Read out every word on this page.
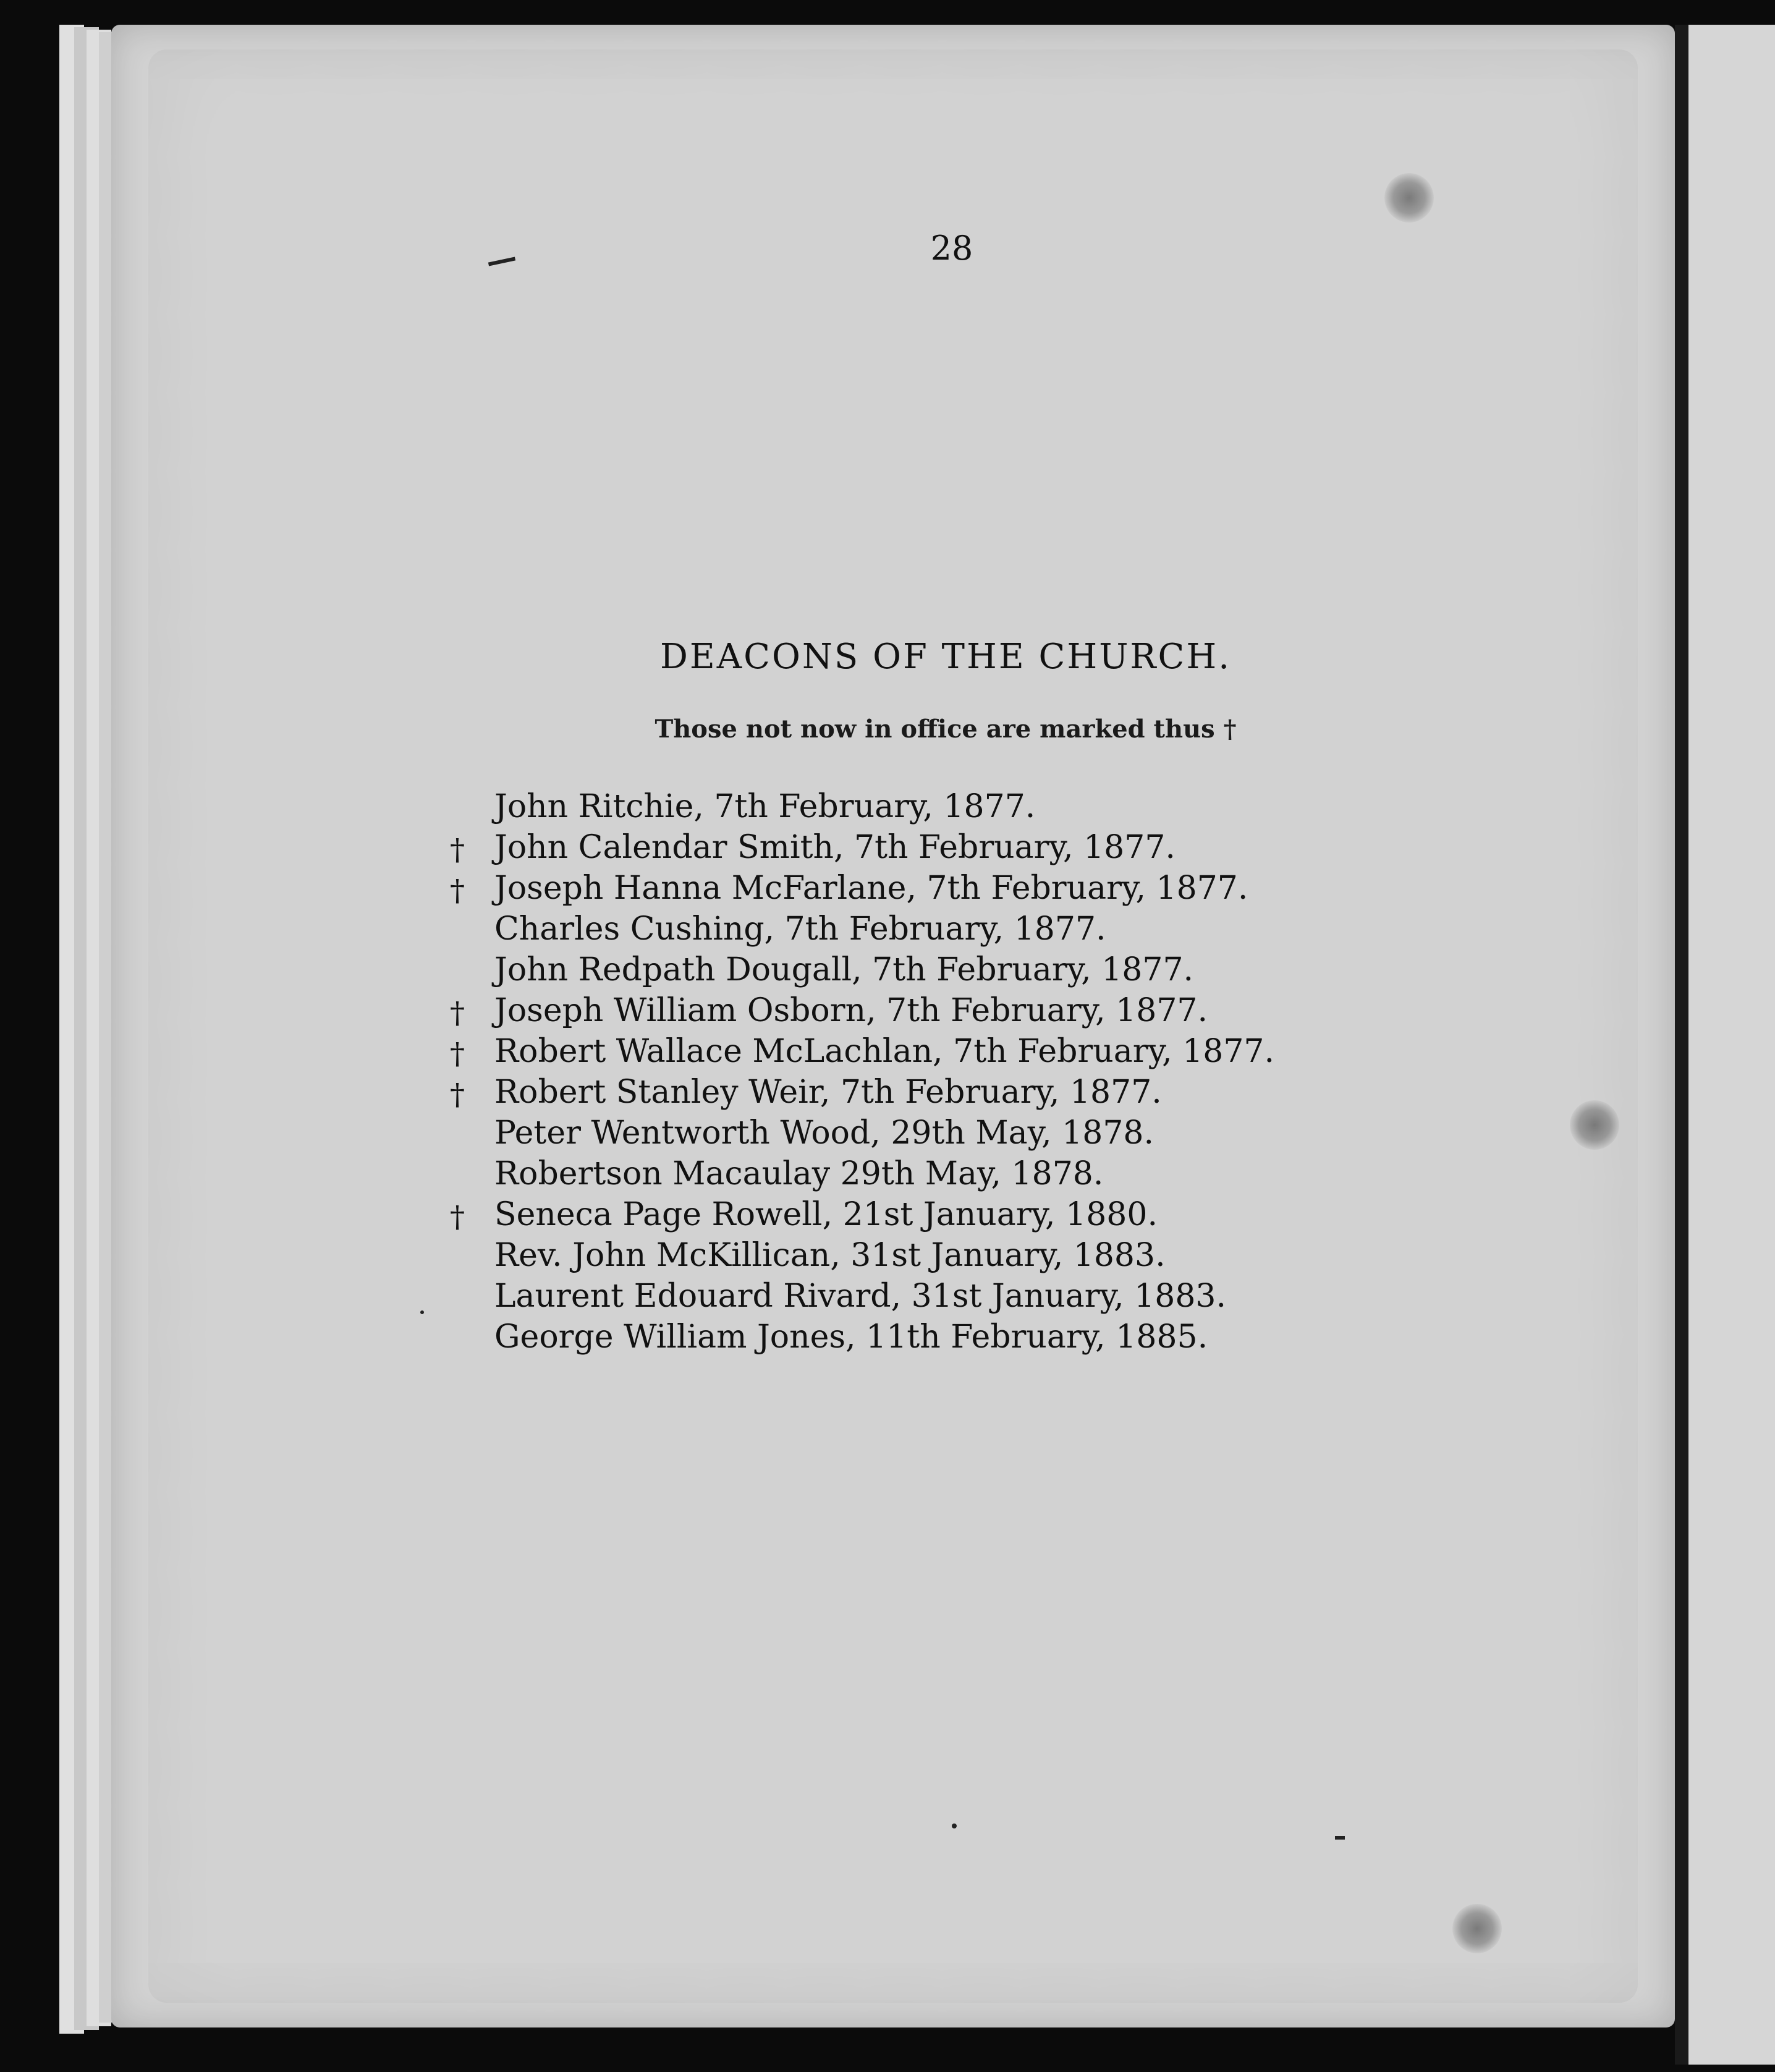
28
DEACONS OF THE CHURCH.
Those not now in office are marked thus †
John Ritchie, 7th February, 1877.
† John Calendar Smith, 7th February, 1877.
† Joseph Hanna McFarlane, 7th February, 1877.
Charles Cushing, 7th February, 1877.
John Redpath Dougall, 7th February, 1877.
† Joseph William Osborn, 7th February, 1877.
† Robert Wallace McLachlan, 7th February, 1877.
† Robert Stanley Weir, 7th February, 1877.
Peter Wentworth Wood, 29th May, 1878.
Robertson Macaulay 29th May, 1878.
† Seneca Page Rowell, 21st January, 1880.
Rev. John McKillican, 31st January, 1883.
Laurent Edouard Rivard, 31st January, 1883.
George William Jones, 11th February, 1885.
